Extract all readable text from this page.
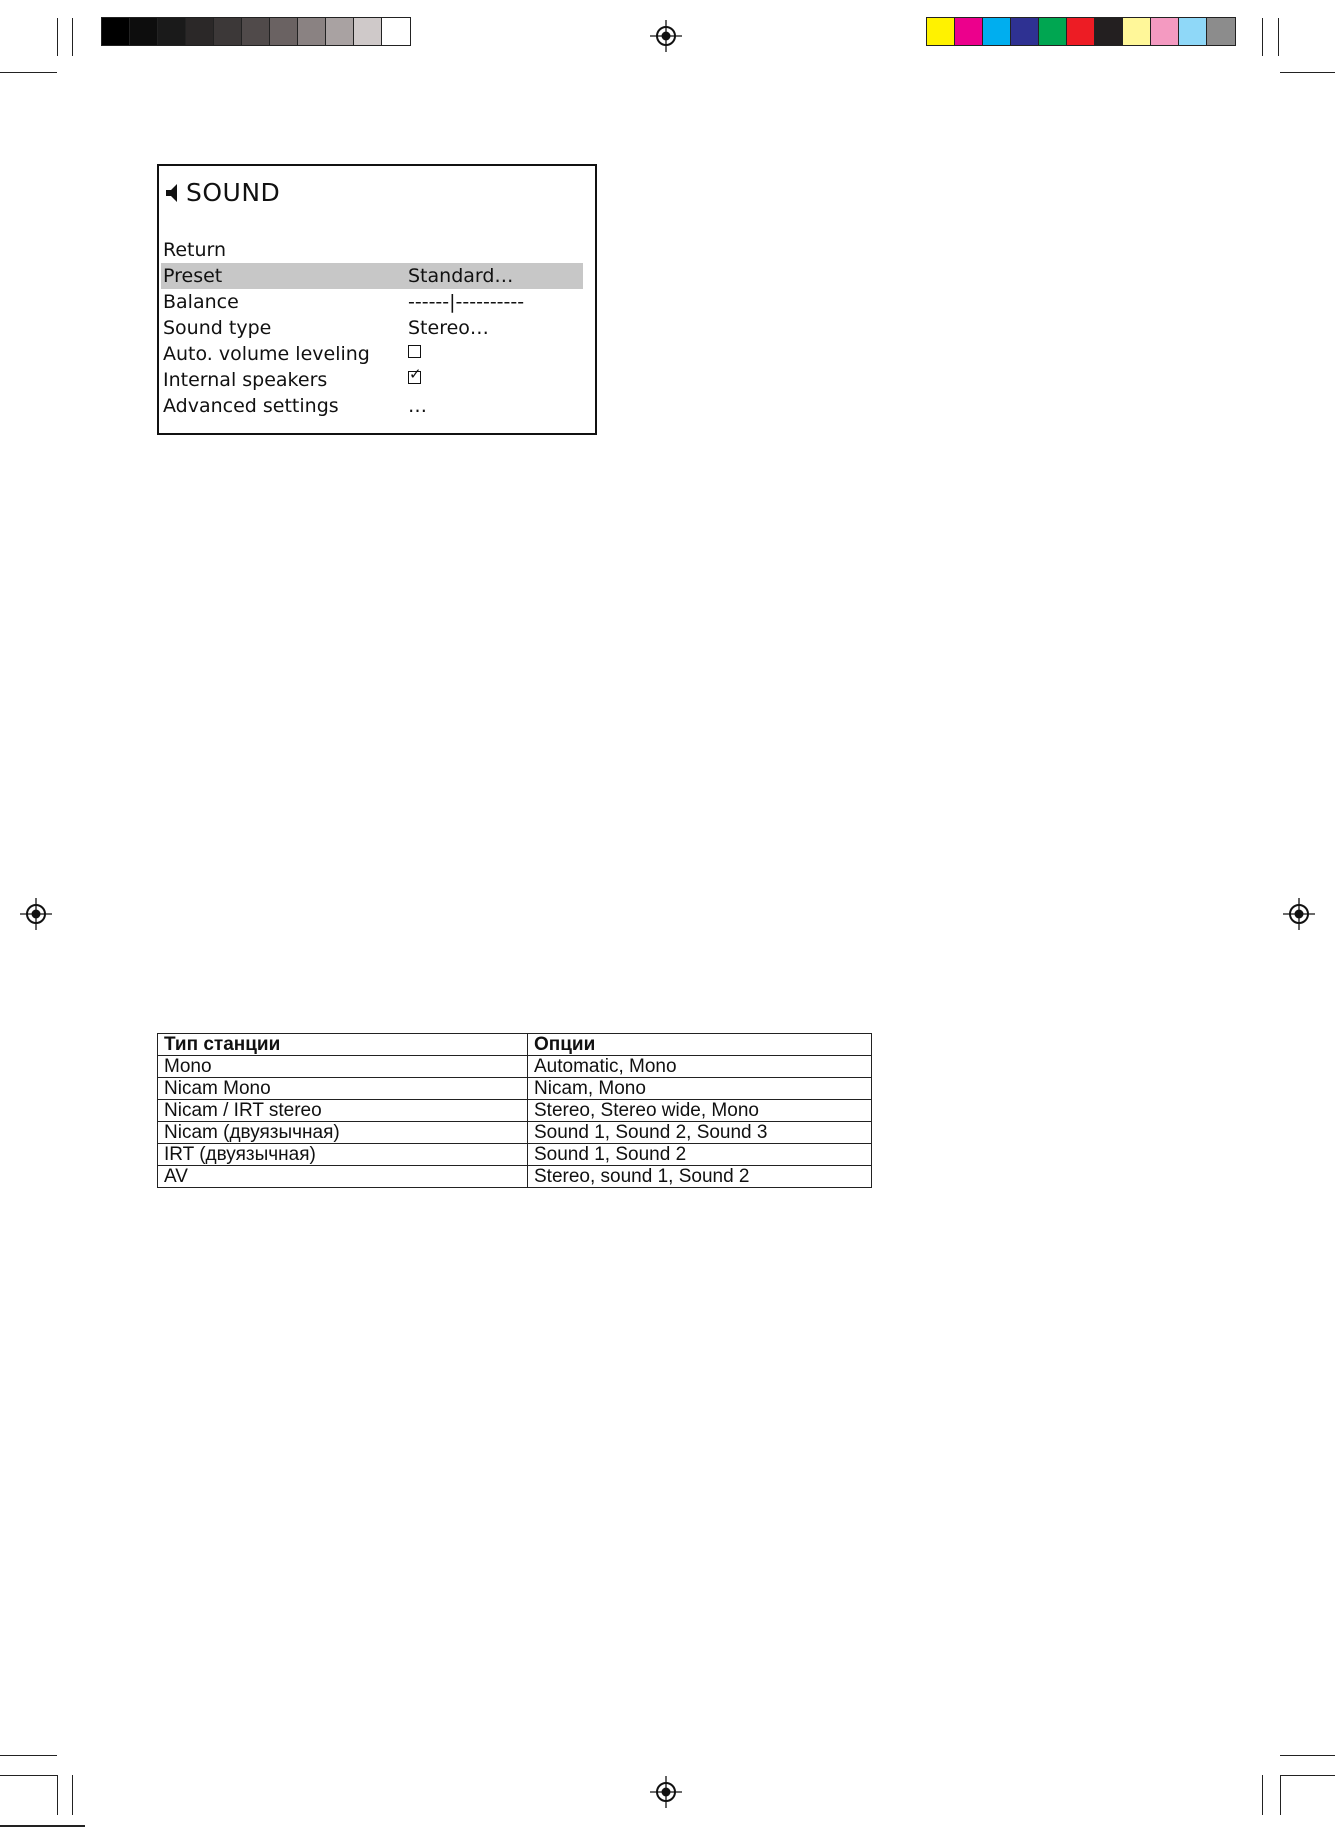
SOUND
Return
Preset	Standard…
Balance	------|----------
Sound type	Stereo…
Auto. volume leveling
Internal speakers	✓
Advanced settings	…
Тип станции	Опции
Mono	Automatic, Mono
Nicam Mono	Nicam, Mono
Nicam / IRT stereo	Stereo, Stereo wide, Mono
Nicam (двуязычная)	Sound 1, Sound 2, Sound 3
IRT (двуязычная)	Sound 1, Sound 2
AV	Stereo, sound 1, Sound 2
